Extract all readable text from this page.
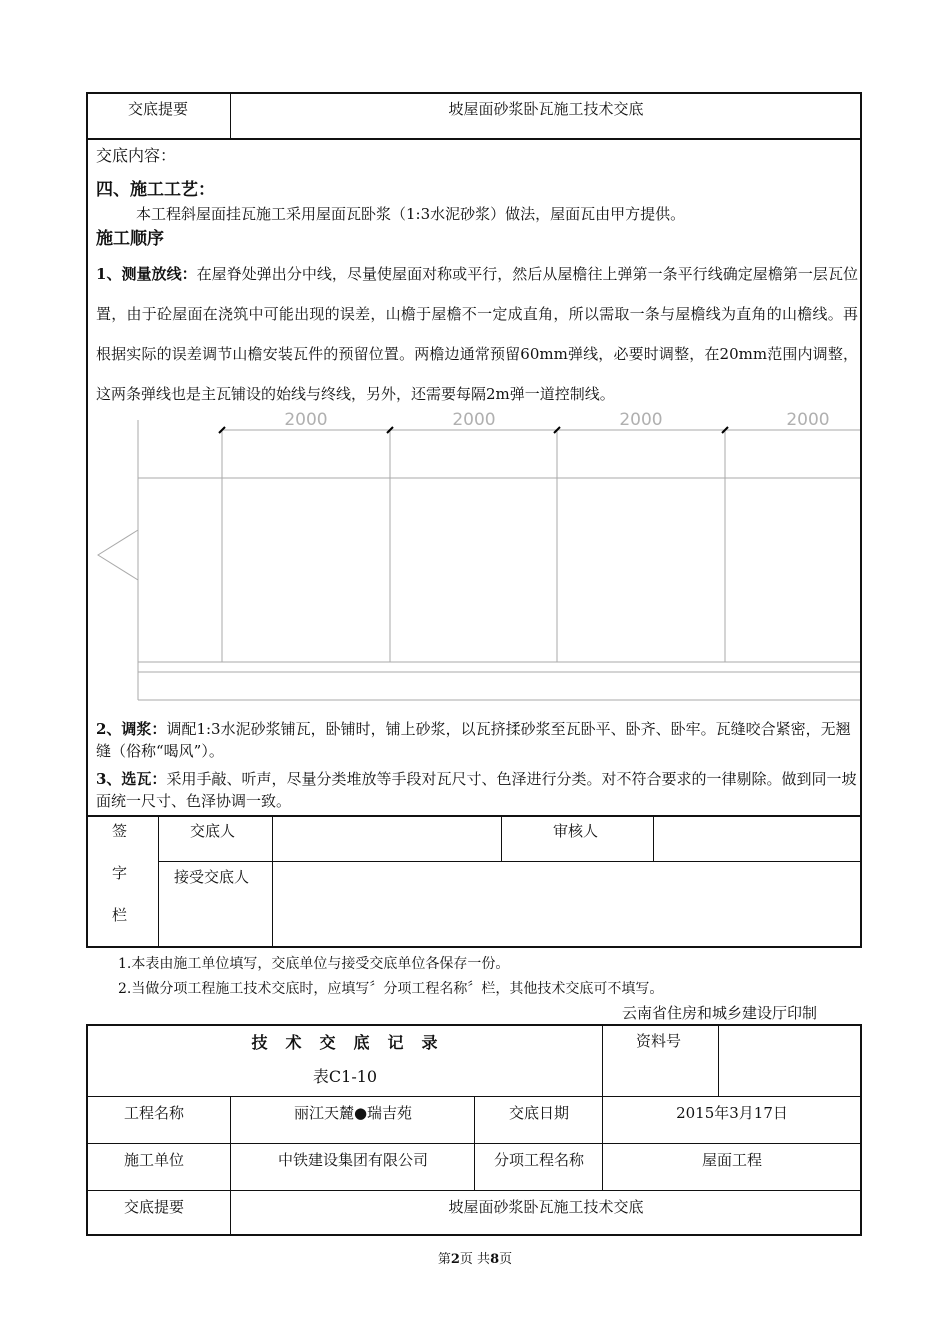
交底提要	坡屋面砂浆卧瓦施工技术交底
交底内容：
四、施工工艺：
本工程斜屋面挂瓦施工采用屋面瓦卧浆（1:3水泥砂浆）做法，屋面瓦由甲方提供。
施工顺序
1、测量放线：在屋脊处弹出分中线，尽量使屋面对称或平行，然后从屋檐往上弹第一条平行线确定屋檐第一层瓦位置，由于砼屋面在浇筑中可能出现的误差，山檐于屋檐不一定成直角，所以需取一条与屋檐线为直角的山檐线。再根据实际的误差调节山檐安装瓦件的预留位置。两檐边通常预留60mm弹线，必要时调整，在20mm范围内调整，这两条弹线也是主瓦铺设的始线与终线，另外，还需要每隔2m弹一道控制线。
2000	2000	2000	2000
2、调浆：调配1:3水泥砂浆铺瓦，卧铺时，铺上砂浆，以瓦挤揉砂浆至瓦卧平、卧齐、卧牢。瓦缝咬合紧密，无翘缝（俗称“喝风”）。
3、选瓦：采用手敲、听声，尽量分类堆放等手段对瓦尺寸、色泽进行分类。对不符合要求的一律剔除。做到同一坡面统一尺寸、色泽协调一致。
签
字
栏
交底人	审核人
接受交底人
1.本表由施工单位填写，交底单位与接受交底单位各保存一份。
2.当做分项工程施工技术交底时，应填写〞分项工程名称〞栏，其他技术交底可不填写。
云南省住房和城乡建设厅印制
技　术　交　底　记　录
表C1-10
资料号
工程名称	丽江天麓●瑞吉苑	交底日期	2015年3月17日
施工单位	中铁建设集团有限公司	分项工程名称	屋面工程
交底提要	坡屋面砂浆卧瓦施工技术交底
第2页 共8页
